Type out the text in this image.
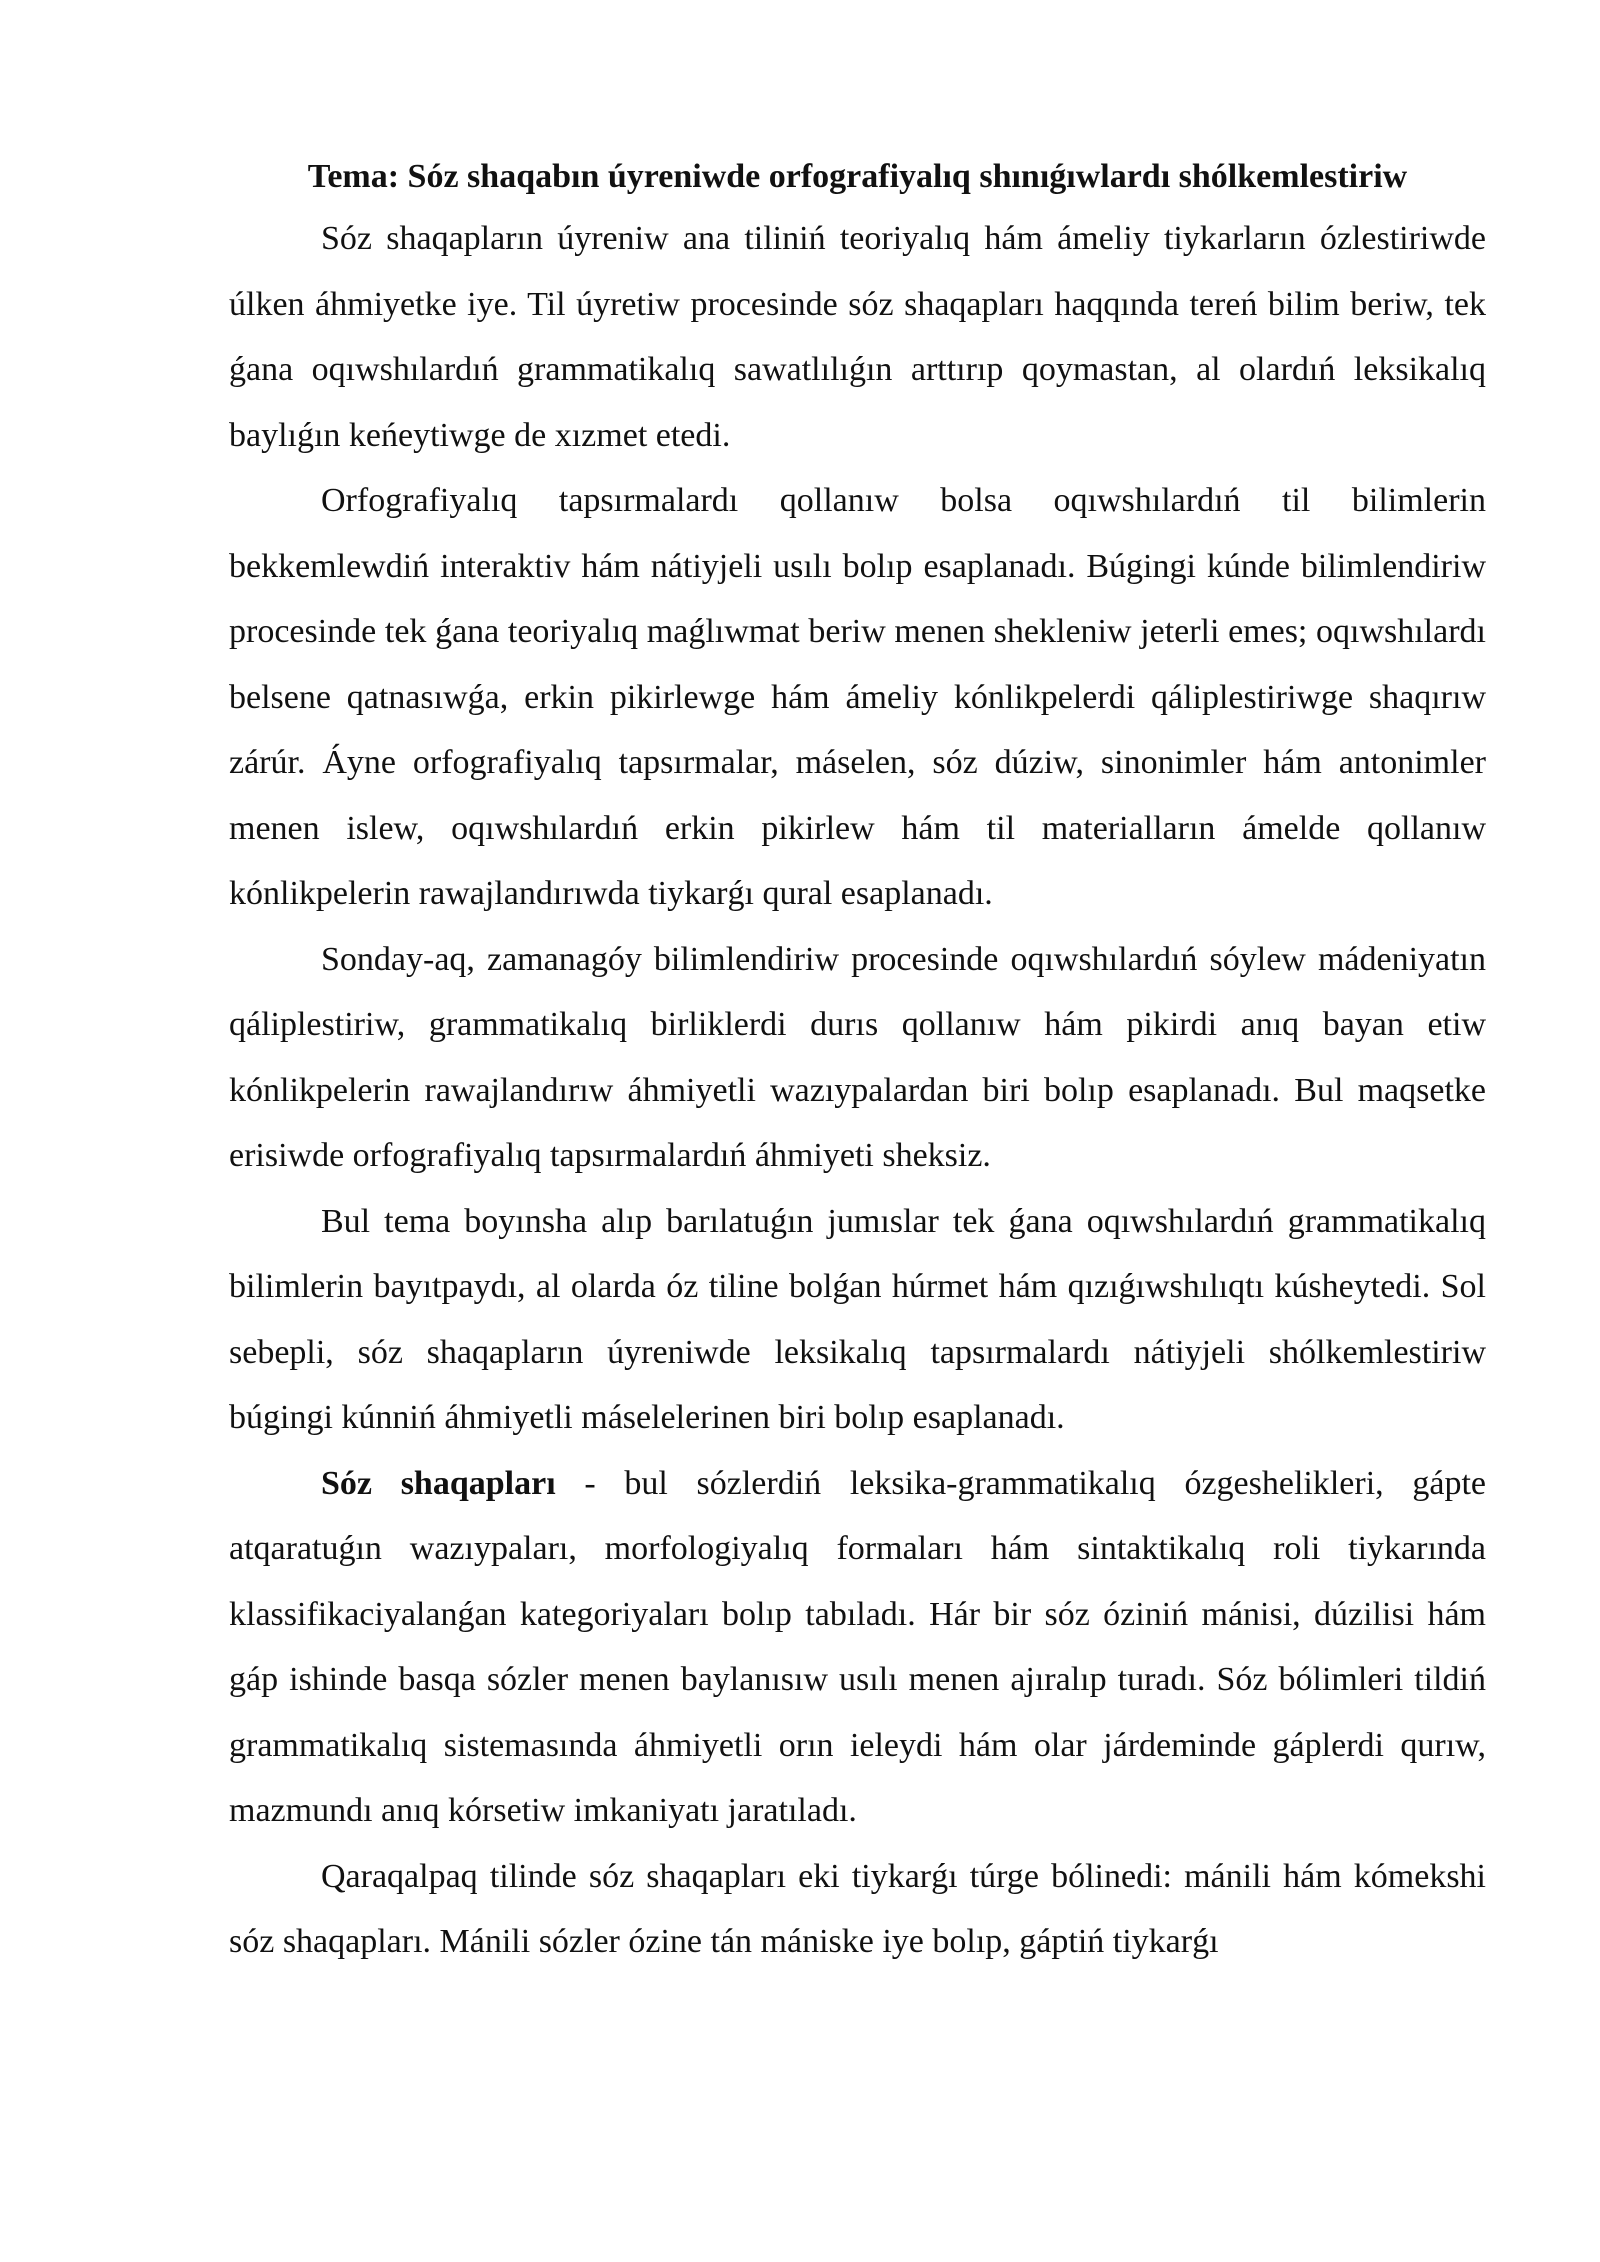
Tema: Sóz shaqabın úyreniwde orfografiyalıq shınıǵıwlardı shólkemlestiriw

Sóz shaqapların úyreniw ana tiliniń teoriyalıq hám ámeliy tiykarların ózlestiriwde úlken áhmiyetke iye. Til úyretiw procesinde sóz shaqapları haqqında tereń bilim beriw, tek ǵana oqıwshılardıń grammatikalıq sawatlılıǵın arttırıp qoymastan, al olardıń leksikalıq baylıǵın keńeytiwge de xızmet etedi.

Orfografiyalıq tapsırmalardı qollanıw bolsa oqıwshılardıń til bilimlerin bekkemlewdiń interaktiv hám nátiyjeli usılı bolıp esaplanadı. Búgingi kúnde bilimlendiriw procesinde tek ǵana teoriyalıq maǵlıwmat beriw menen shekleniw jeterli emes; oqıwshılardı belsene qatnasıwǵa, erkin pikirlewge hám ámeliy kónlikpelerdi qáliplestiriwge shaqırıw zárúr. Áyne orfografiyalıq tapsırmalar, máselen, sóz dúziw, sinonimler hám antonimler menen islew, oqıwshılardıń erkin pikirlew hám til materialların ámelde qollanıw kónlikpelerin rawajlandırıwda tiykarǵı qural esaplanadı.

Sonday-aq, zamanagóy bilimlendiriw procesinde oqıwshılardıń sóylew mádeniyatın qáliplestiriw, grammatikalıq birliklerdi durıs qollanıw hám pikirdi anıq bayan etiw kónlikpelerin rawajlandırıw áhmiyetli wazıypalardan biri bolıp esaplanadı. Bul maqsetke erisiwde orfografiyalıq tapsırmalardıń áhmiyeti sheksiz.

Bul tema boyınsha alıp barılatuǵın jumıslar tek ǵana oqıwshılardıń grammatikalıq bilimlerin bayıtpaydı, al olarda óz tiline bolǵan húrmet hám qızıǵıwshılıqtı kúsheytedi. Sol sebepli, sóz shaqapların úyreniwde leksikalıq tapsırmalardı nátiyjeli shólkemlestiriw búgingi kúnniń áhmiyetli máselelerinen biri bolıp esaplanadı.

Sóz shaqapları - bul sózlerdiń leksika-grammatikalıq ózgeshelikleri, gápte atqaratuǵın wazıypaları, morfologiyalıq formaları hám sintaktikalıq roli tiykarında klassifikaciyalanǵan kategoriyaları bolıp tabıladı. Hár bir sóz óziniń mánisi, dúzilisi hám gáp ishinde basqa sózler menen baylanısıw usılı menen ajıralıp turadı. Sóz bólimleri tildiń grammatikalıq sistemasında áhmiyetli orın ieleydi hám olar járdeminde gáplerdi qurıw, mazmundı anıq kórsetiw imkaniyatı jaratıladı.

Qaraqalpaq tilinde sóz shaqapları eki tiykarǵı túrge bólinedi: mánili hám kómekshi sóz shaqapları. Mánili sózler ózine tán mániske iye bolıp, gáptiń tiykarǵı
